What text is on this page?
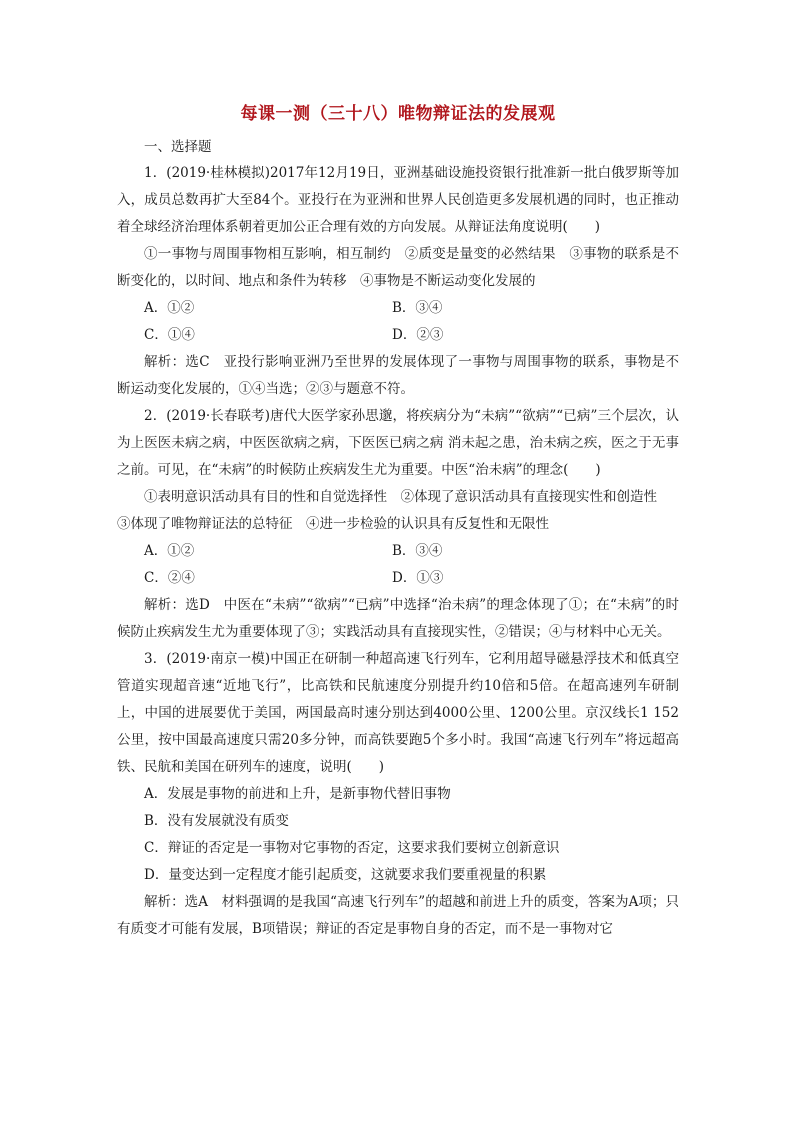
每课一测（三十八）唯物辩证法的发展观
一、选择题

1．(2019·桂林模拟)2017年12月19日，亚洲基础设施投资银行批准新一批白俄罗斯等加入，成员总数再扩大至84个。亚投行在为亚洲和世界人民创造更多发展机遇的同时，也正推动着全球经济治理体系朝着更加公正合理有效的方向发展。从辩证法角度说明(　　)

①一事物与周围事物相互影响，相互制约　②质变是量变的必然结果　③事物的联系是不断变化的，以时间、地点和条件为转移　④事物是不断运动变化发展的

A．①②	B．③④
C．①④	D．②③

解析：选C　亚投行影响亚洲乃至世界的发展体现了一事物与周围事物的联系，事物是不断运动变化发展的，①④当选；②③与题意不符。

2．(2019·长春联考)唐代大医学家孙思邈，将疾病分为“未病”“欲病”“已病”三个层次，认为上医医未病之病，中医医欲病之病，下医医已病之病 消未起之患，治未病之疾，医之于无事之前。可见，在“未病”的时候防止疾病发生尤为重要。中医“治未病”的理念(　　)

①表明意识活动具有目的性和自觉选择性　②体现了意识活动具有直接现实性和创造性

③体现了唯物辩证法的总特征　④进一步检验的认识具有反复性和无限性

A．①②	B．③④
C．②④	D．①③

解析：选D　中医在“未病”“欲病”“已病”中选择“治未病”的理念体现了①；在“未病”的时候防止疾病发生尤为重要体现了③；实践活动具有直接现实性，②错误；④与材料中心无关。

3．(2019·南京一模)中国正在研制一种超高速飞行列车，它利用超导磁悬浮技术和低真空管道实现超音速“近地飞行”，比高铁和民航速度分别提升约10倍和5倍。在超高速列车研制上，中国的进展要优于美国，两国最高时速分别达到4000公里、1200公里。京汉线长1 152公里，按中国最高速度只需20多分钟，而高铁要跑5个多小时。我国“高速飞行列车”将远超高铁、民航和美国在研列车的速度，说明(　　)

A．发展是事物的前进和上升，是新事物代替旧事物
B．没有发展就没有质变
C．辩证的否定是一事物对它事物的否定，这要求我们要树立创新意识
D．量变达到一定程度才能引起质变，这就要求我们要重视量的积累

解析：选A　材料强调的是我国“高速飞行列车”的超越和前进上升的质变，答案为A项；只有质变才可能有发展，B项错误；辩证的否定是事物自身的否定，而不是一事物对它
